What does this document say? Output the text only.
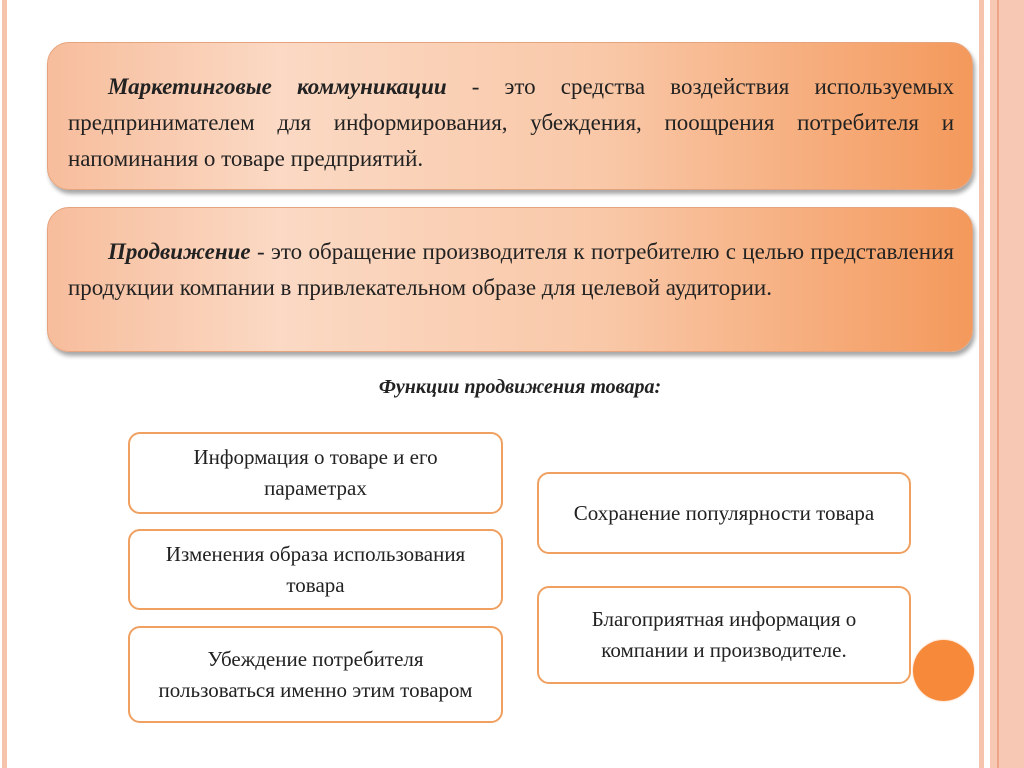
Маркетинговые коммуникации - это средства воздействия используемых предпринимателем для информирования, убеждения, поощрения потребителя и напоминания о товаре предприятий.
Продвижение - это обращение производителя к потребителю с целью представления продукции компании в привлекательном образе для целевой аудитории.
Функции продвижения товара:
Информация о товаре и его параметрах
Изменения образа использования товара
Убеждение потребителя пользоваться именно этим товаром
Сохранение популярности товара
Благоприятная информация о компании и производителе.
